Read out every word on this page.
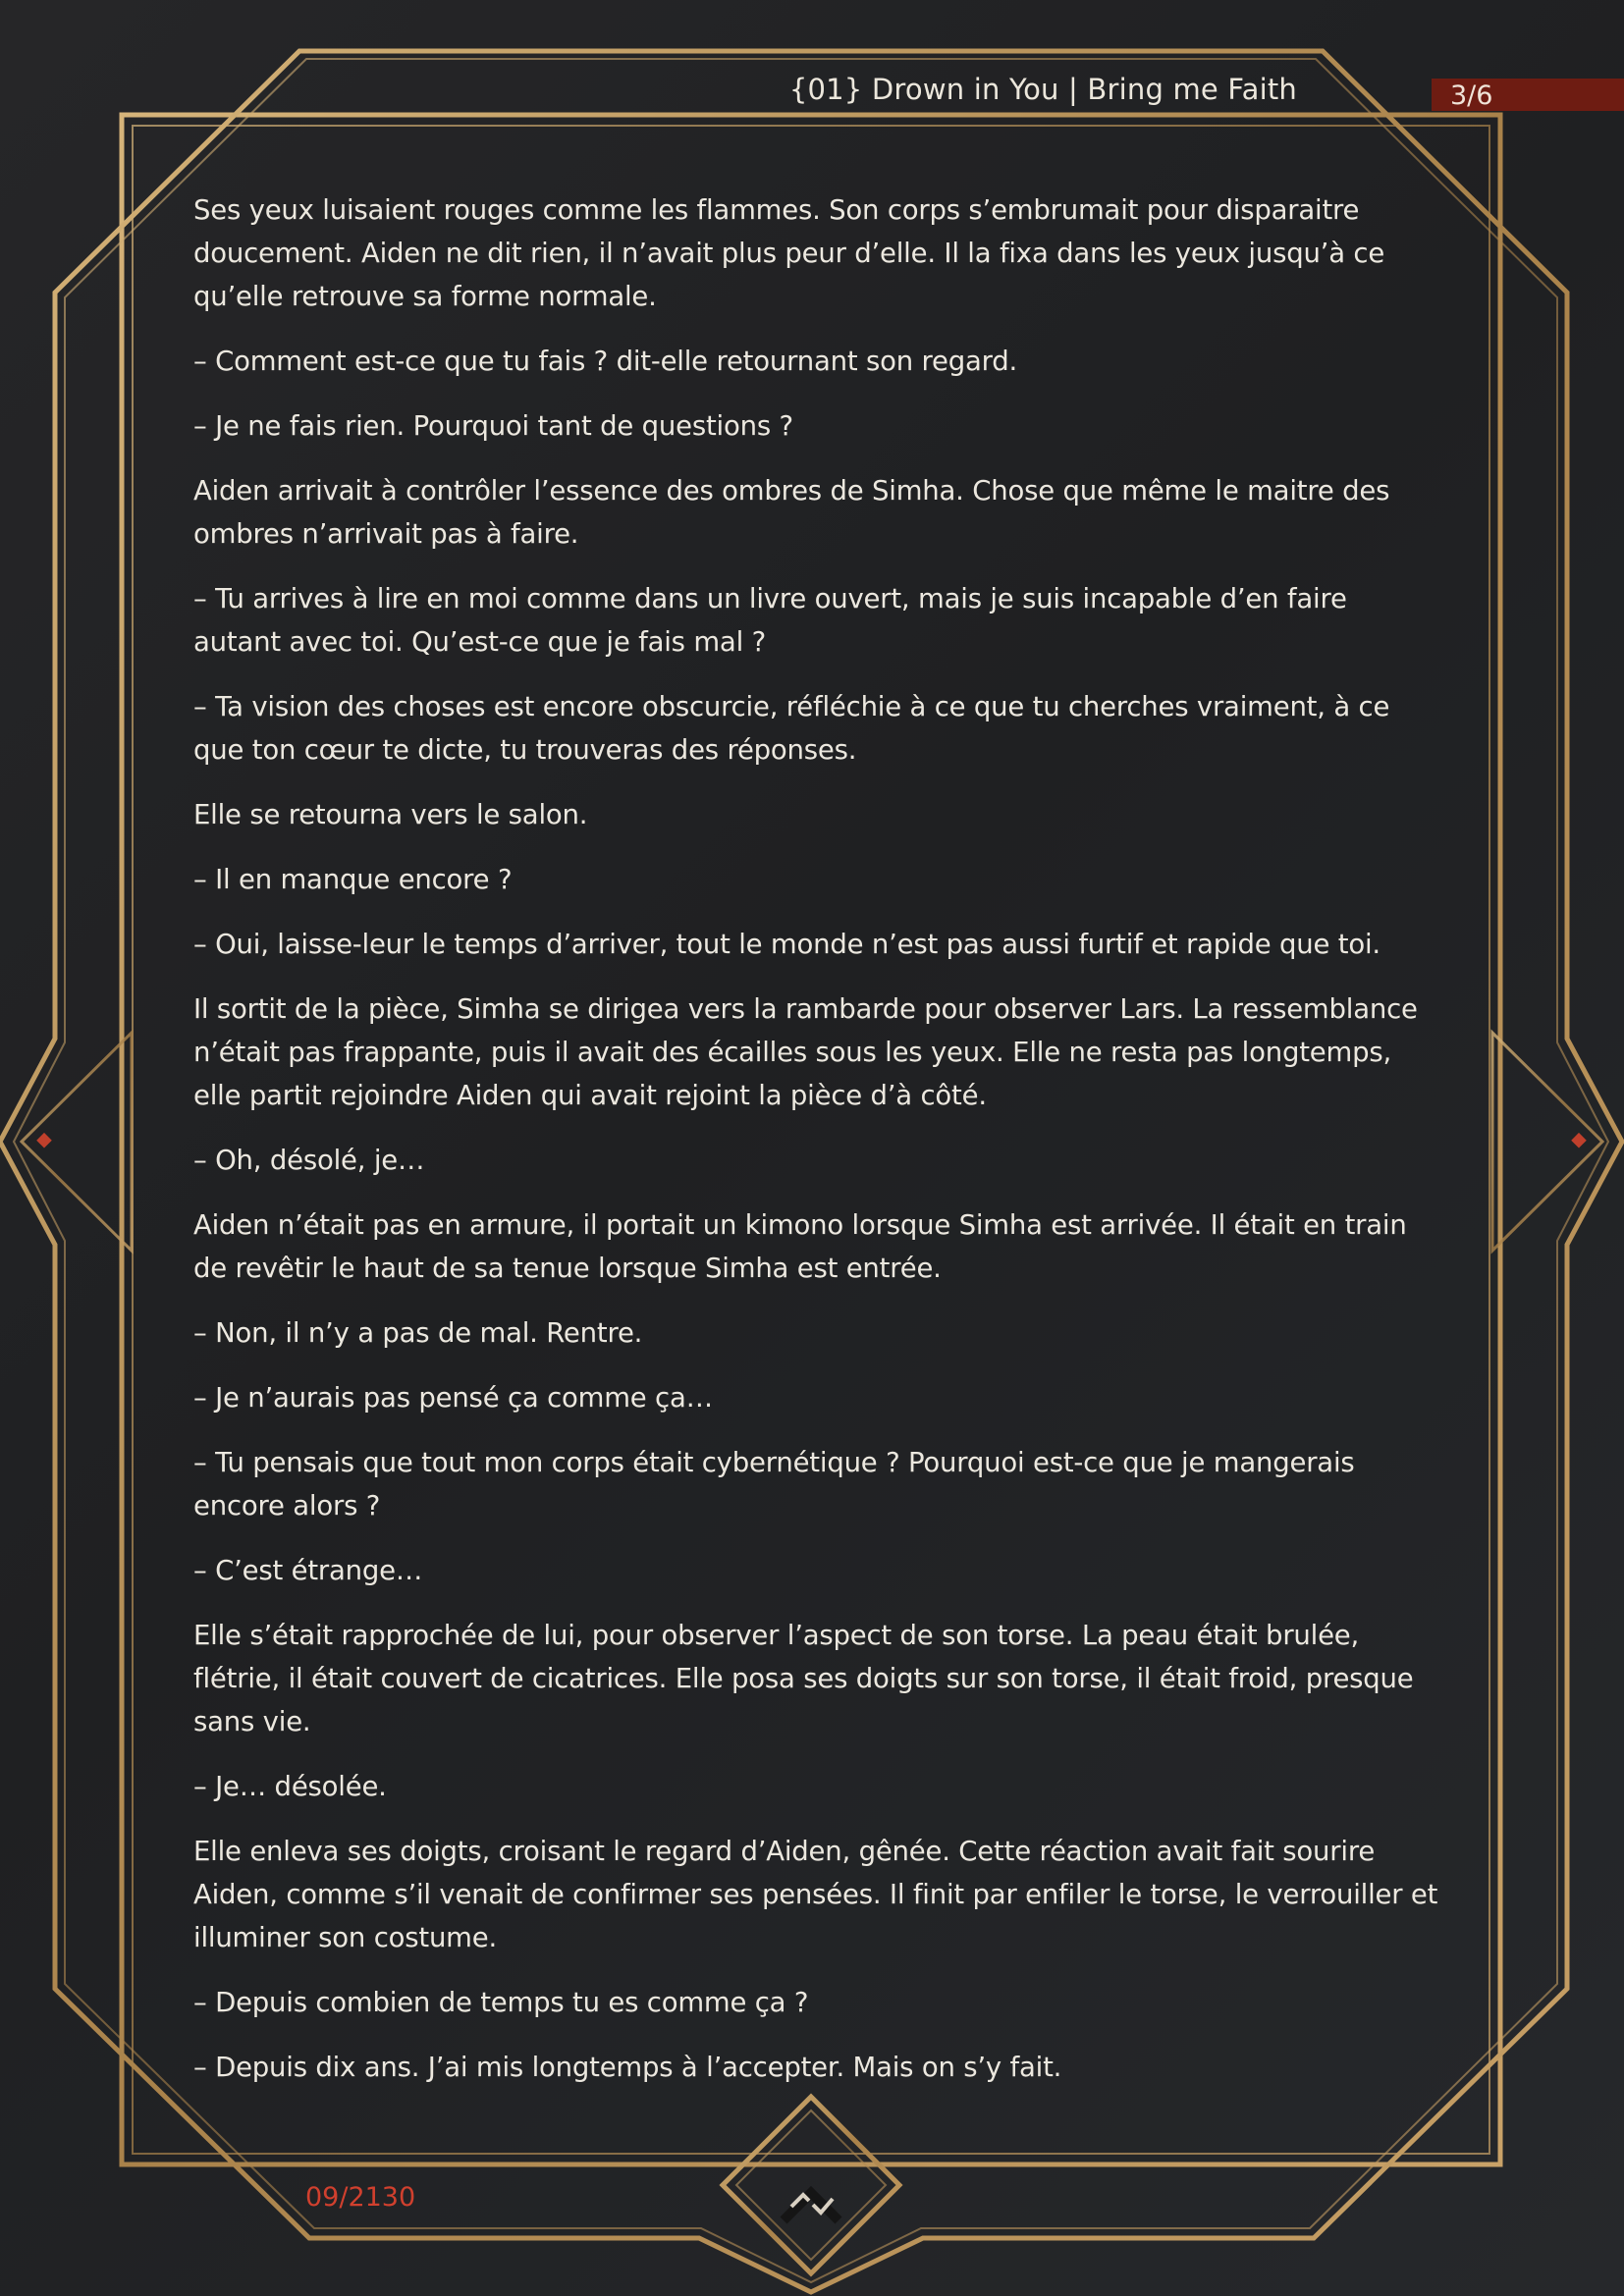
{01} Drown in You | Bring me Faith	3/6

Ses yeux luisaient rouges comme les flammes. Son corps s’embrumait pour disparaitre doucement. Aiden ne dit rien, il n’avait plus peur d’elle. Il la fixa dans les yeux jusqu’à ce qu’elle retrouve sa forme normale.

– Comment est-ce que tu fais ? dit-elle retournant son regard.

– Je ne fais rien. Pourquoi tant de questions ?

Aiden arrivait à contrôler l’essence des ombres de Simha. Chose que même le maitre des ombres n’arrivait pas à faire.

– Tu arrives à lire en moi comme dans un livre ouvert, mais je suis incapable d’en faire autant avec toi. Qu’est-ce que je fais mal ?

– Ta vision des choses est encore obscurcie, réfléchie à ce que tu cherches vraiment, à ce que ton cœur te dicte, tu trouveras des réponses.

Elle se retourna vers le salon.

– Il en manque encore ?

– Oui, laisse-leur le temps d’arriver, tout le monde n’est pas aussi furtif et rapide que toi.

Il sortit de la pièce, Simha se dirigea vers la rambarde pour observer Lars. La ressemblance n’était pas frappante, puis il avait des écailles sous les yeux. Elle ne resta pas longtemps, elle partit rejoindre Aiden qui avait rejoint la pièce d’à côté.

– Oh, désolé, je…

Aiden n’était pas en armure, il portait un kimono lorsque Simha est arrivée. Il était en train de revêtir le haut de sa tenue lorsque Simha est entrée.

– Non, il n’y a pas de mal. Rentre.

– Je n’aurais pas pensé ça comme ça…

– Tu pensais que tout mon corps était cybernétique ? Pourquoi est-ce que je mangerais encore alors ?

– C’est étrange…

Elle s’était rapprochée de lui, pour observer l’aspect de son torse. La peau était brulée, flétrie, il était couvert de cicatrices. Elle posa ses doigts sur son torse, il était froid, presque sans vie.

– Je… désolée.

Elle enleva ses doigts, croisant le regard d’Aiden, gênée. Cette réaction avait fait sourire Aiden, comme s’il venait de confirmer ses pensées. Il finit par enfiler le torse, le verrouiller et illuminer son costume.

– Depuis combien de temps tu es comme ça ?

– Depuis dix ans. J’ai mis longtemps à l’accepter. Mais on s’y fait.

09/2130
